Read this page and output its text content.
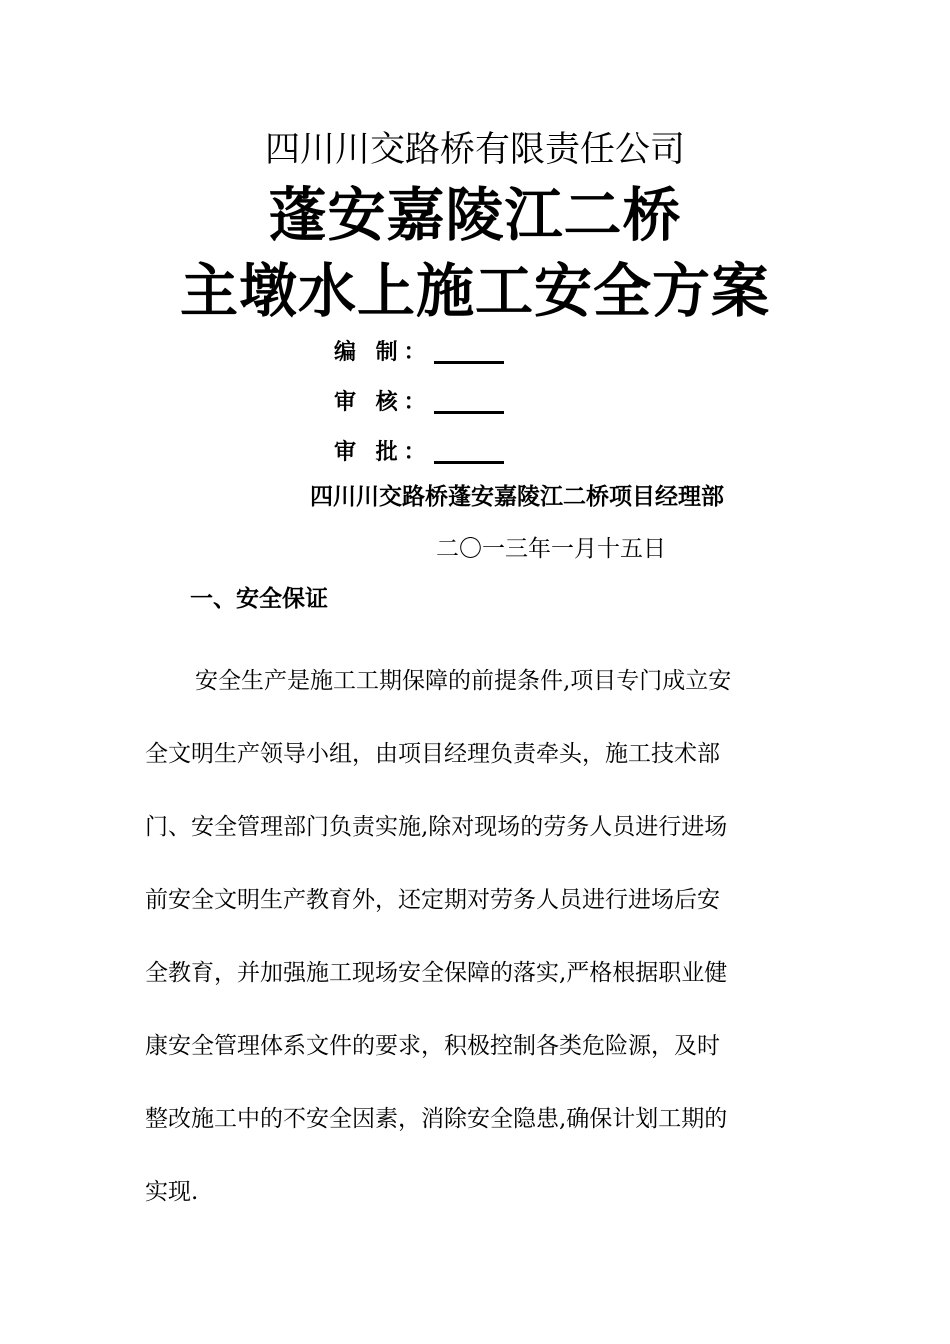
四川川交路桥有限责任公司
蓬安嘉陵江二桥
主墩水上施工安全方案
编 制：
审 核：
审 批：
四川川交路桥蓬安嘉陵江二桥项目经理部
二〇一三年一月十五日
一、安全保证
安全生产是施工工期保障的前提条件,项目专门成立安
全文明生产领导小组，由项目经理负责牵头，施工技术部
门、安全管理部门负责实施,除对现场的劳务人员进行进场
前安全文明生产教育外，还定期对劳务人员进行进场后安
全教育，并加强施工现场安全保障的落实,严格根据职业健
康安全管理体系文件的要求，积极控制各类危险源，及时
整改施工中的不安全因素，消除安全隐患,确保计划工期的
实现.
